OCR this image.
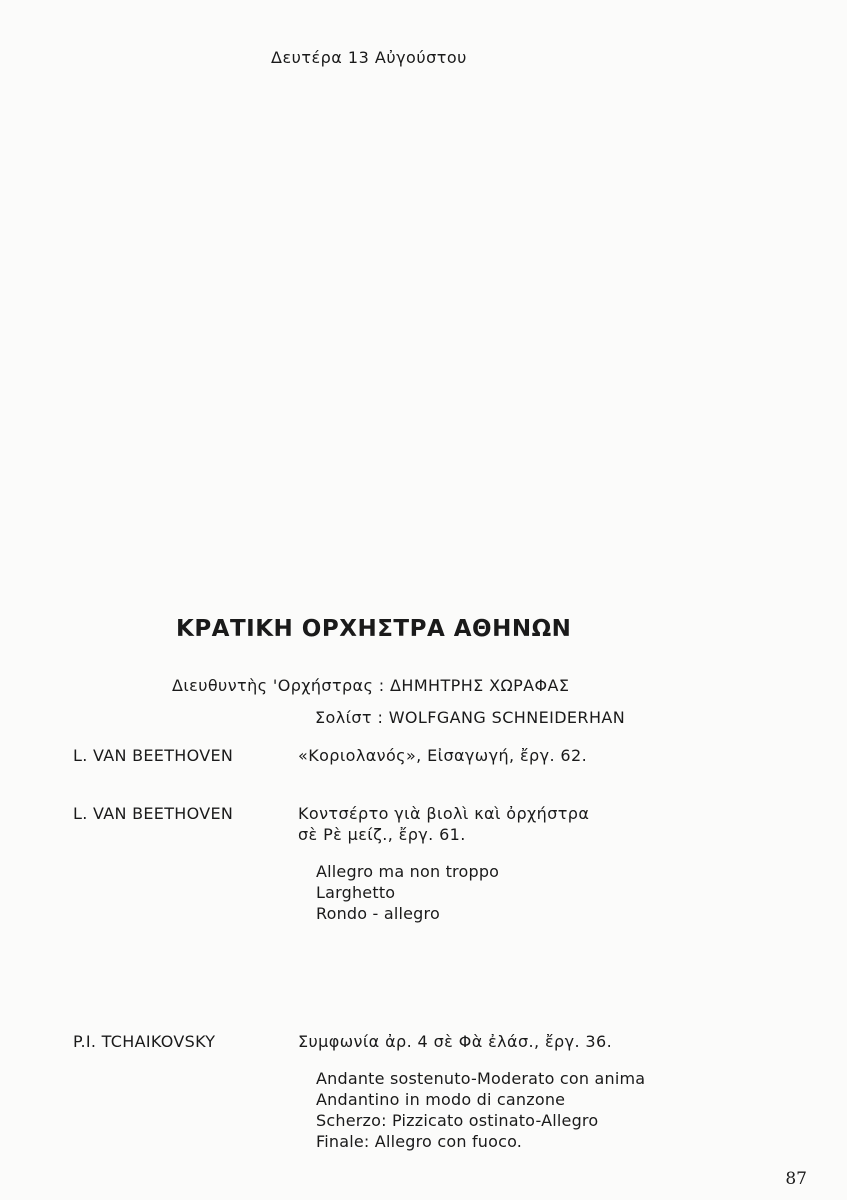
Δευτέρα 13 Αὐγούστου
ΚΡΑΤΙΚΗ ΟΡΧΗΣΤΡΑ ΑΘΗΝΩΝ
Διευθυντὴς 'Ορχήστρας : ΔΗΜΗΤΡΗΣ ΧΩΡΑΦΑΣ
Σολίστ : WOLFGANG SCHNEIDERHAN
L. VAN BEETHOVEN	«Κοριολανός», Εἰσαγωγή, ἔργ. 62.
L. VAN BEETHOVEN	Κοντσέρτο γιὰ βιολὶ καὶ ὀρχήστρα
σὲ Ρὲ μείζ., ἔργ. 61.
Allegro ma non troppo
Larghetto
Rondo - allegro
P.I. TCHAIKOVSKY	Συμφωνία ἀρ. 4 σὲ Φὰ ἐλάσ., ἔργ. 36.
Andante sostenuto-Moderato con anima
Andantino in modo di canzone
Scherzo: Pizzicato ostinato-Allegro
Finale: Allegro con fuoco.
87
